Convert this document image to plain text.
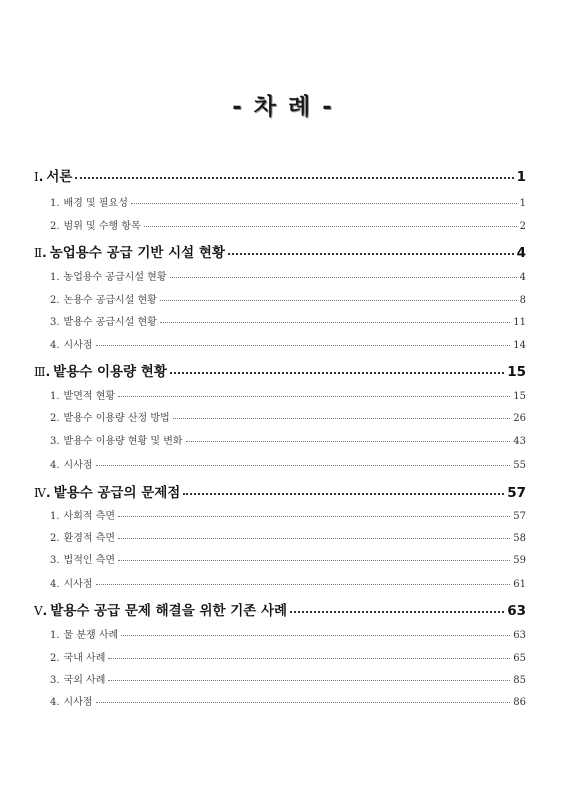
- 차 례 -
Ⅰ. 서론	1
1. 배경 및 필요성	1
2. 범위 및 수행 항목	2
Ⅱ. 농업용수 공급 기반 시설 현황	4
1. 농업용수 공급시설 현황	4
2. 논용수 공급시설 현황	8
3. 밭용수 공급시설 현황	11
4. 시사점	14
Ⅲ. 밭용수 이용량 현황	15
1. 밭면적 현황	15
2. 밭용수 이용량 산정 방법	26
3. 밭용수 이용량 현황 및 변화	43
4. 시사점	55
Ⅳ. 밭용수 공급의 문제점	57
1. 사회적 측면	57
2. 환경적 측면	58
3. 법적인 측면	59
4. 시사점	61
Ⅴ. 밭용수 공급 문제 해결을 위한 기존 사례	63
1. 물 분쟁 사례	63
2. 국내 사례	65
3. 국외 사례	85
4. 시사점	86
